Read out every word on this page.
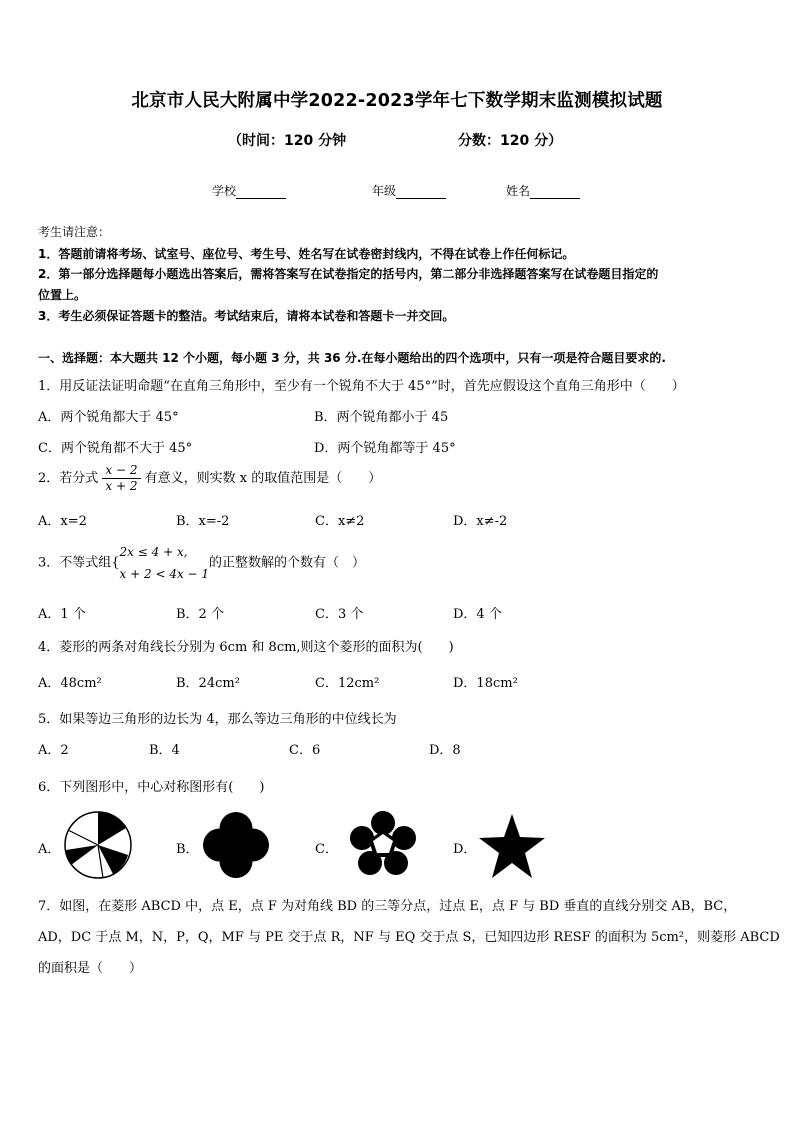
北京市人民大附属中学2022-2023学年七下数学期末监测模拟试题
（时间：120 分钟	分数：120 分）
学校	年级	姓名
考生请注意：
1．答题前请将考场、试室号、座位号、考生号、姓名写在试卷密封线内，不得在试卷上作任何标记。
2．第一部分选择题每小题选出答案后，需将答案写在试卷指定的括号内，第二部分非选择题答案写在试卷题目指定的
位置上。
3．考生必须保证答题卡的整洁。考试结束后，请将本试卷和答题卡一并交回。
一、选择题：本大题共 12 个小题，每小题 3 分，共 36 分.在每小题给出的四个选项中，只有一项是符合题目要求的.
1．用反证法证明命题“在直角三角形中，至少有一个锐角不大于 45°”时，首先应假设这个直角三角形中（　　）
A．两个锐角都大于 45°	B．两个锐角都小于 45
C．两个锐角都不大于 45°	D．两个锐角都等于 45°
2．若分式 $\frac{x - 2}{x + 2}$ 有意义，则实数 x 的取值范围是（　　）
A．x=2	B．x=-2	C．x≠2	D．x≠-2
3．不等式组{
2x ≤ 4 + x,
x + 2 < 4x − 1
的正整数解的个数有（　）
A．1 个	B．2 个	C．3 个	D．4 个
4．菱形的两条对角线长分别为 6cm 和 8cm,则这个菱形的面积为(　　)
A．48cm²	B．24cm²	C．12cm²	D．18cm²
5．如果等边三角形的边长为 4，那么等边三角形的中位线长为
A．2	B．4	C．6	D．8
6．下列图形中，中心对称图形有(　　)
A．	B．	C．	D．
7．如图，在菱形 ABCD 中，点 E，点 F 为对角线 BD 的三等分点，过点 E，点 F 与 BD 垂直的直线分别交 AB，BC，
AD，DC 于点 M，N，P，Q，MF 与 PE 交于点 R，NF 与 EQ 交于点 S，已知四边形 RESF 的面积为 5cm²，则菱形 ABCD
的面积是（　　）
